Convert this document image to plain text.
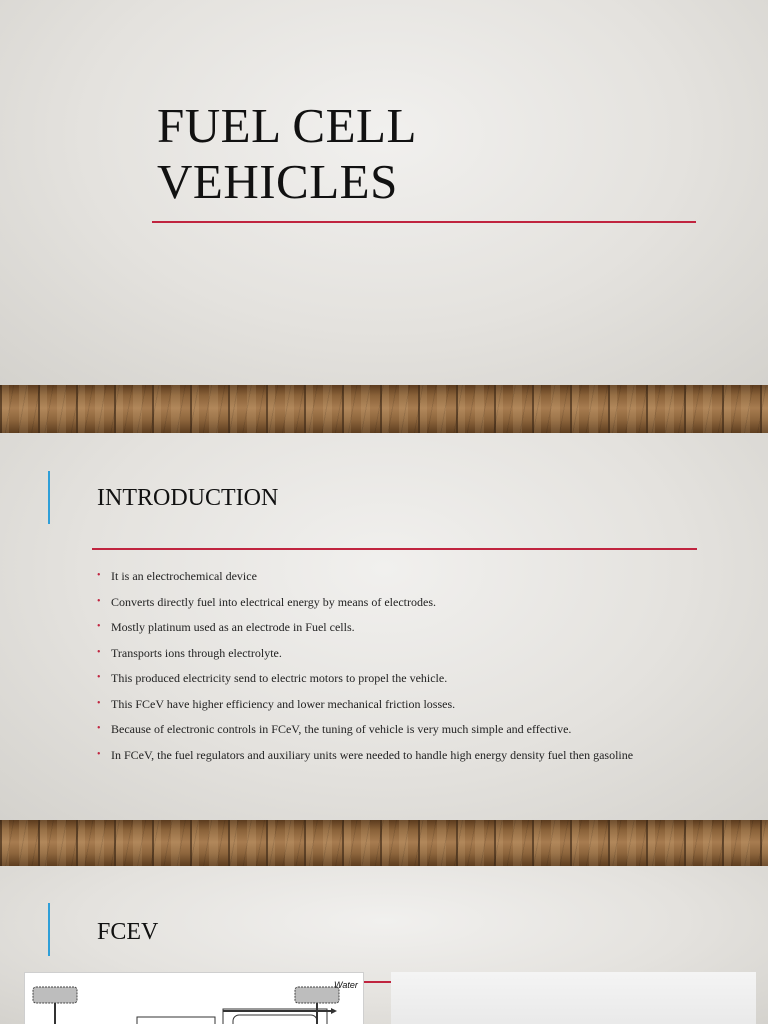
FUEL CELL
VEHICLES
INTRODUCTION
• It is an electrochemical device
• Converts directly fuel into electrical energy by means of electrodes.
• Mostly platinum used as an electrode in Fuel cells.
• Transports ions through electrolyte.
• This produced electricity send to electric motors to propel the vehicle.
• This FCeV have higher efficiency and lower mechanical friction losses.
• Because of electronic controls in FCeV, the tuning of vehicle is very much simple and effective.
• In FCeV, the fuel regulators and auxiliary units were needed to handle high energy density fuel then gasoline
FCEV
Water
